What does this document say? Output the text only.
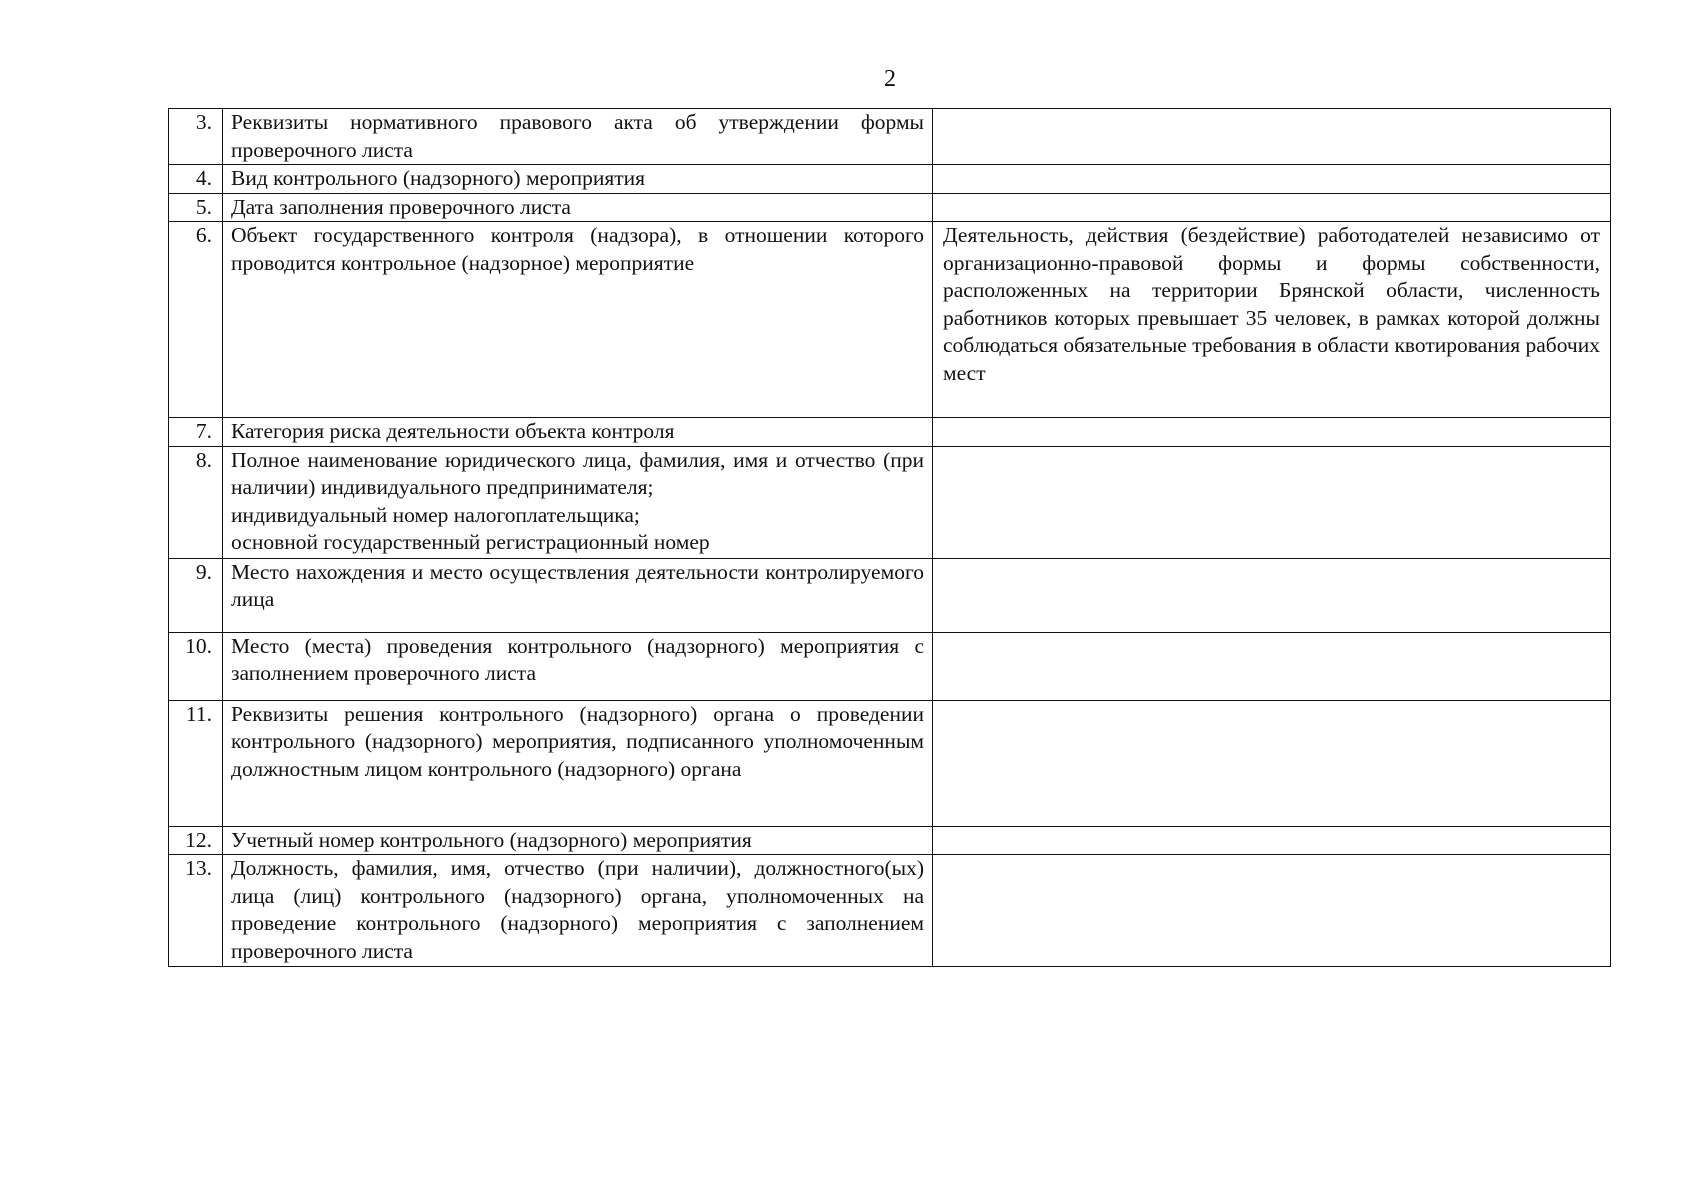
2
3.	Реквизиты нормативного правового акта об утверждении формы проверочного листа	

4.	Вид контрольного (надзорного) мероприятия	

5.	Дата заполнения проверочного листа	

6.	Объект государственного контроля (надзора), в отношении которого проводится контрольное (надзорное) мероприятие	Деятельность, действия (бездействие) работодателей независимо от организационно-правовой формы и формы собственности, расположенных на территории Брянской области, численность работников которых превышает 35 человек, в рамках которой должны соблюдаться обязательные требования в области квотирования рабочих мест

7.	Категория риска деятельности объекта контроля	

8.	Полное наименование юридического лица, фамилия, имя и отчество (при наличии) индивидуального предпринимателя;
индивидуальный номер налогоплательщика;
основной государственный регистрационный номер	

9.	Место нахождения и место осуществления деятельности контролируемого лица	

10.	Место (места) проведения контрольного (надзорного) мероприятия с заполнением проверочного листа	

11.	Реквизиты решения контрольного (надзорного) органа о проведении контрольного (надзорного) мероприятия, подписанного уполномоченным должностным лицом контрольного (надзорного) органа	

12.	Учетный номер контрольного (надзорного) мероприятия	

13.	Должность, фамилия, имя, отчество (при наличии), должностного(ых) лица (лиц) контрольного (надзорного) органа, уполномоченных на проведение контрольного (надзорного) мероприятия с заполнением проверочного листа	
